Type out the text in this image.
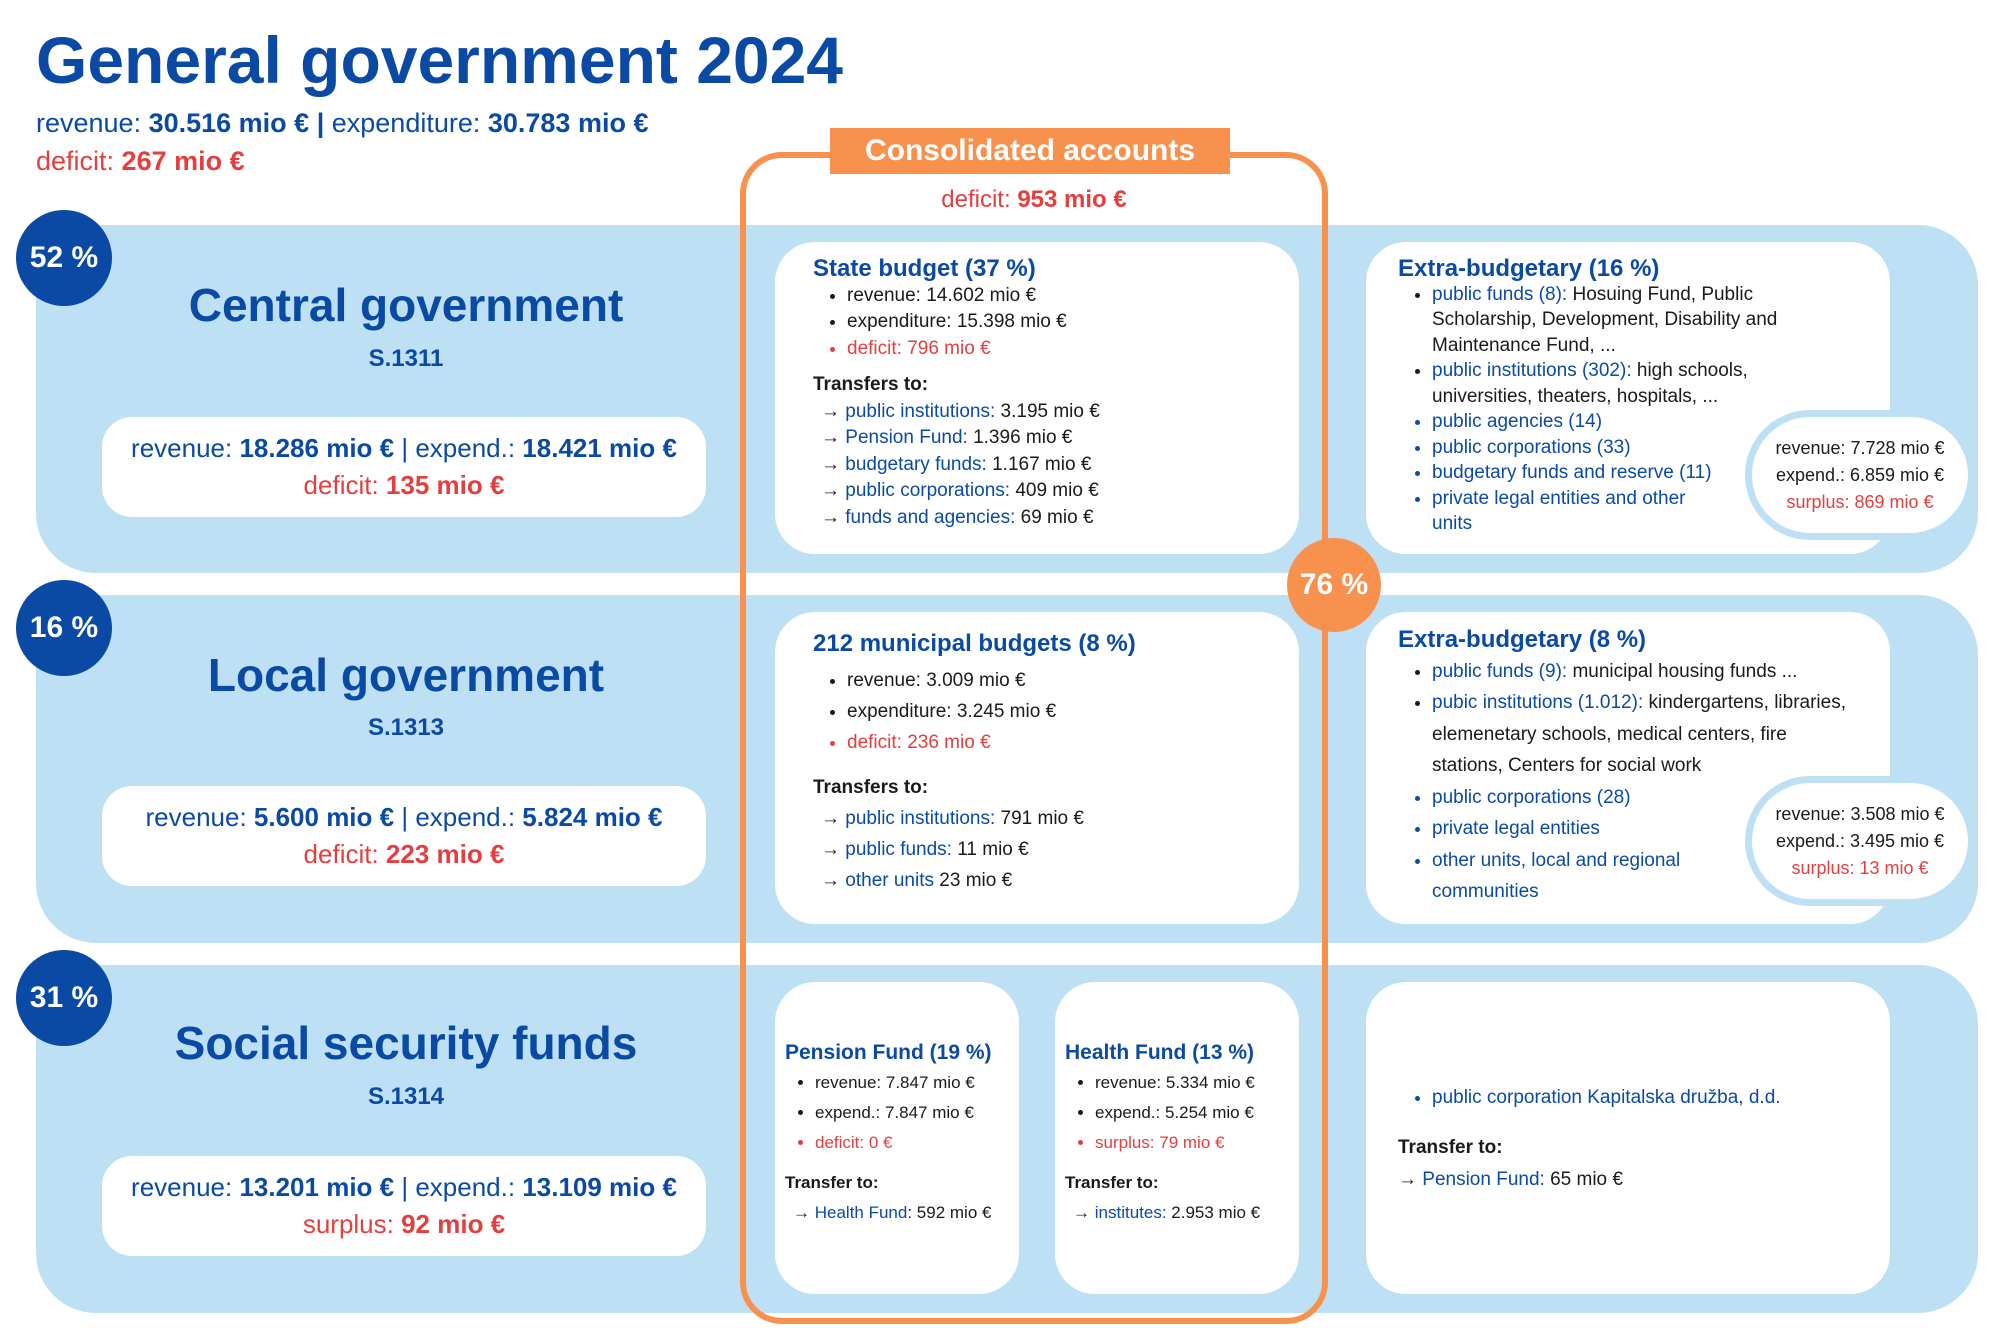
General government 2024
revenue: 30.516 mio € | expenditure: 30.783 mio €
deficit: 267 mio €
52 %
Central government
S.1311
revenue: 18.286 mio € | expend.: 18.421 mio €
deficit: 135 mio €
16 %
Local government
S.1313
revenue: 5.600 mio € | expend.: 5.824 mio €
deficit: 223 mio €
31 %
Social security funds
S.1314
revenue: 13.201 mio € | expend.: 13.109 mio €
surplus: 92 mio €
State budget (37 %)
• revenue: 14.602 mio €
• expenditure: 15.398 mio €
• deficit: 796 mio €
Transfers to:
→ public institutions: 3.195 mio €
→ Pension Fund: 1.396 mio €
→ budgetary funds: 1.167 mio €
→ public corporations: 409 mio €
→ funds and agencies: 69 mio €
Extra-budgetary (16 %)
• public funds (8): Hosuing Fund, Public
Scholarship, Development, Disability and
Maintenance Fund, ...
• public institutions (302): high schools,
universities, theaters, hospitals, ...
• public agencies (14)
• public corporations (33)
• budgetary funds and reserve (11)
• private legal entities and other
units
revenue: 7.728 mio €
expend.: 6.859 mio €
surplus: 869 mio €
212 municipal budgets (8 %)
• revenue: 3.009 mio €
• expenditure: 3.245 mio €
• deficit: 236 mio €
Transfers to:
→ public institutions: 791 mio €
→ public funds: 11 mio €
→ other units 23 mio €
Extra-budgetary (8 %)
• public funds (9): municipal housing funds ...
• pubic institutions (1.012): kindergartens, libraries,
elemenetary schools, medical centers, fire
stations, Centers for social work
• public corporations (28)
• private legal entities
• other units, local and regional
communities
revenue: 3.508 mio €
expend.: 3.495 mio €
surplus: 13 mio €
Pension Fund (19 %)
• revenue: 7.847 mio €
• expend.: 7.847 mio €
• deficit: 0 €
Transfer to:
→ Health Fund: 592 mio €
Health Fund (13 %)
• revenue: 5.334 mio €
• expend.: 5.254 mio €
• surplus: 79 mio €
Transfer to:
→ institutes: 2.953 mio €
• public corporation Kapitalska družba, d.d.
Transfer to:
→ Pension Fund: 65 mio €
Consolidated accounts
deficit: 953 mio €
76 %
